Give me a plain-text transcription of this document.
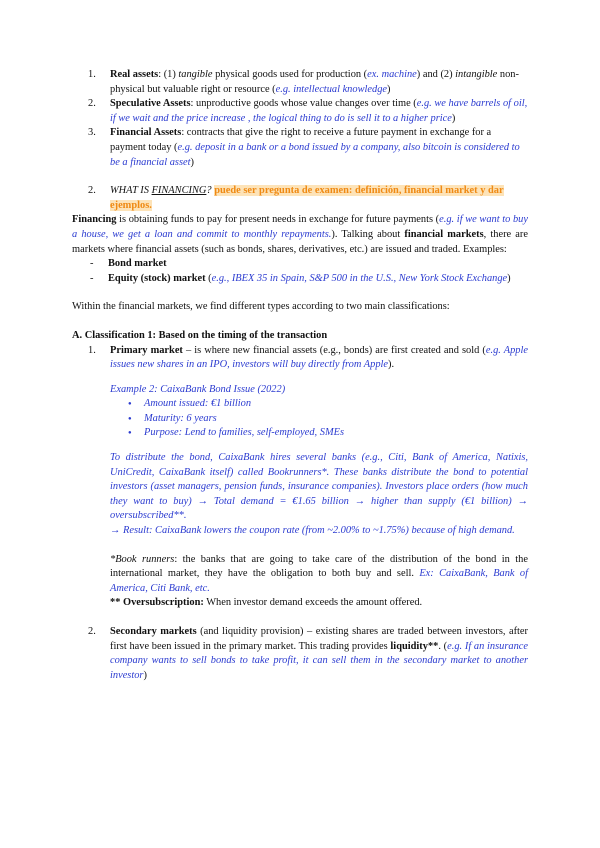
1. Real assets: (1) tangible physical goods used for production (ex. machine) and (2) intangible non-physical but valuable right or resource (e.g. intellectual knowledge)
2. Speculative Assets: unproductive goods whose value changes over time (e.g. we have barrels of oil, if we wait and the price increase , the logical thing to do is sell it to a higher price)
3. Financial Assets: contracts that give the right to receive a future payment in exchange for a payment today (e.g. deposit in a bank or a bond issued by a company, also bitcoin is considered to be a financial asset)
2. WHAT IS FINANCING? puede ser pregunta de examen: definición, financial market y dar ejemplos.

Financing is obtaining funds to pay for present needs in exchange for future payments (e.g. if we want to buy a house, we get a loan and commit to monthly repayments.). Talking about financial markets, there are markets where financial assets (such as bonds, shares, derivatives, etc.) are issued and traded. Examples:

- Bond market
- Equity (stock) market (e.g., IBEX 35 in Spain, S&P 500 in the U.S., New York Stock Exchange)

Within the financial markets, we find different types according to two main classifications:

A. Classification 1: Based on the timing of the transaction

1. Primary market – is where new financial assets (e.g., bonds) are first created and sold (e.g. Apple issues new shares in an IPO, investors will buy directly from Apple).

Example 2: CaixaBank Bond Issue (2022)

● Amount issued: €1 billion
● Maturity: 6 years
● Purpose: Lend to families, self-employed, SMEs

To distribute the bond, CaixaBank hires several banks (e.g., Citi, Bank of America, Natixis, UniCredit, CaixaBank itself) called Bookrunners*. These banks distribute the bond to potential investors (asset managers, pension funds, insurance companies). Investors place orders (how much they want to buy) → Total demand = €1.65 billion → higher than supply (€1 billion) → oversubscribed**.

→ Result: CaixaBank lowers the coupon rate (from ~2.00% to ~1.75%) because of high demand.

*Book runners: the banks that are going to take care of the distribution of the bond in the international market, they have the obligation to both buy and sell. Ex: CaixaBank, Bank of America, Citi Bank, etc.

** Oversubscription: When investor demand exceeds the amount offered.

2. Secondary markets (and liquidity provision) – existing shares are traded between investors, after first have been issued in the primary market. This trading provides liquidity**. (e.g. If an insurance company wants to sell bonds to take profit, it can sell them in the secondary market to another investor)
